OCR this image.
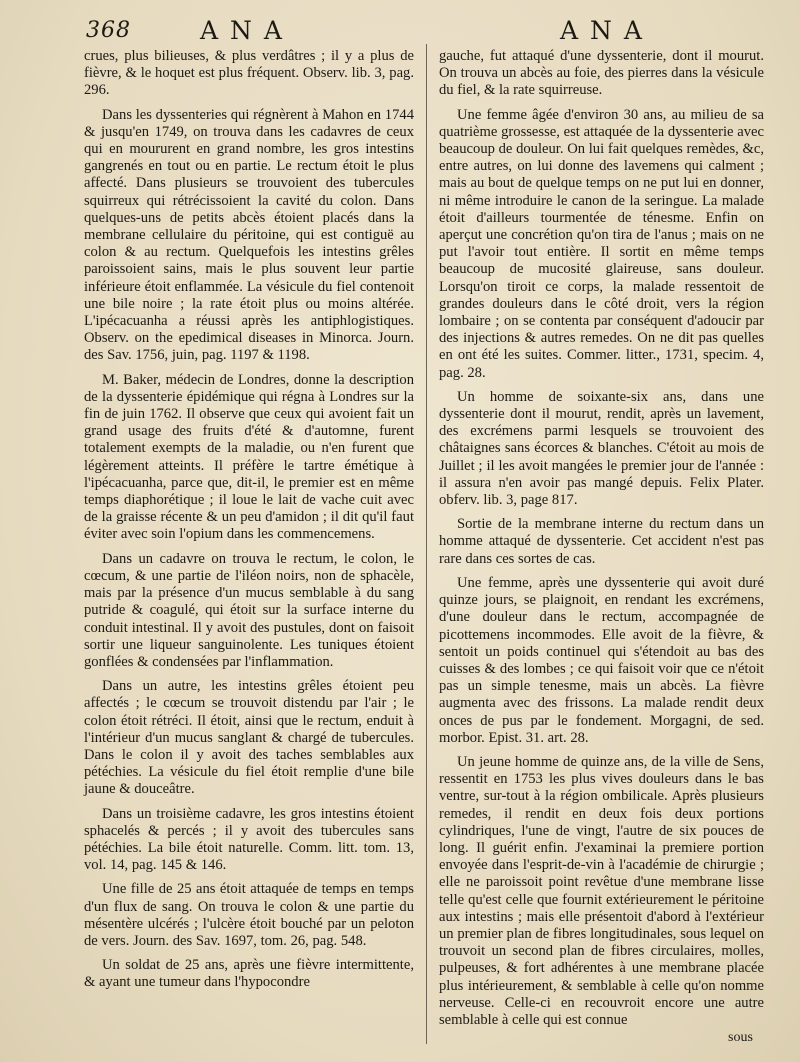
368	ANA	ANA

crues, plus bilieuses, & plus verdâtres ; il y a plus de fièvre, & le hoquet est plus fréquent. Observ. lib. 3, pag. 296.

Dans les dyssenteries qui régnèrent à Mahon en 1744 & jusqu'en 1749, on trouva dans les cadavres de ceux qui en moururent en grand nombre, les gros intestins gangrenés en tout ou en partie. Le rectum étoit le plus affecté. Dans plusieurs se trouvoient des tubercules squirreux qui rétrécissoient la cavité du colon. Dans quelques-uns de petits abcès étoient placés dans la membrane cellulaire du péritoine, qui est contiguë au colon & au rectum. Quelquefois les intestins grêles paroissoient sains, mais le plus souvent leur partie inférieure étoit enflammée. La vésicule du fiel contenoit une bile noire ; la rate étoit plus ou moins altérée. L'ipécacuanha a réussi après les antiphlogistiques. Observ. on the epedimical diseases in Minorca. Journ. des Sav. 1756, juin, pag. 1197 & 1198.

M. Baker, médecin de Londres, donne la description de la dyssenterie épidémique qui régna à Londres sur la fin de juin 1762. Il observe que ceux qui avoient fait un grand usage des fruits d'été & d'automne, furent totalement exempts de la maladie, ou n'en furent que légèrement atteints. Il préfère le tartre émétique à l'ipécacuanha, parce que, dit-il, le premier est en même temps diaphorétique ; il loue le lait de vache cuit avec de la graisse récente & un peu d'amidon ; il dit qu'il faut éviter avec soin l'opium dans les commencemens.

Dans un cadavre on trouva le rectum, le colon, le cœcum, & une partie de l'iléon noirs, non de sphacèle, mais par la présence d'un mucus semblable à du sang putride & coagulé, qui étoit sur la surface interne du conduit intestinal. Il y avoit des pustules, dont on faisoit sortir une liqueur sanguinolente. Les tuniques étoient gonflées & condensées par l'inflammation.

Dans un autre, les intestins grêles étoient peu affectés ; le cœcum se trouvoit distendu par l'air ; le colon étoit rétréci. Il étoit, ainsi que le rectum, enduit à l'intérieur d'un mucus sanglant & chargé de tubercules. Dans le colon il y avoit des taches semblables aux pétéchies. La vésicule du fiel étoit remplie d'une bile jaune & douceâtre.

Dans un troisième cadavre, les gros intestins étoient sphacelés & percés ; il y avoit des tubercules sans pétéchies. La bile étoit naturelle. Comm. litt. tom. 13, vol. 14, pag. 145 & 146.

Une fille de 25 ans étoit attaquée de temps en temps d'un flux de sang. On trouva le colon & une partie du mésentère ulcérés ; l'ulcère étoit bouché par un peloton de vers. Journ. des Sav. 1697, tom. 26, pag. 548.

Un soldat de 25 ans, après une fièvre intermittente, & ayant une tumeur dans l'hypocondre

gauche, fut attaqué d'une dyssenterie, dont il mourut. On trouva un abcès au foie, des pierres dans la vésicule du fiel, & la rate squirreuse.

Une femme âgée d'environ 30 ans, au milieu de sa quatrième grossesse, est attaquée de la dyssenterie avec beaucoup de douleur. On lui fait quelques remèdes, &c, entre autres, on lui donne des lavemens qui calment ; mais au bout de quelque temps on ne put lui en donner, ni même introduire le canon de la seringue. La malade étoit d'ailleurs tourmentée de ténesme. Enfin on aperçut une concrétion qu'on tira de l'anus ; mais on ne put l'avoir tout entière. Il sortit en même temps beaucoup de mucosité glaireuse, sans douleur. Lorsqu'on tiroit ce corps, la malade ressentoit de grandes douleurs dans le côté droit, vers la région lombaire ; on se contenta par conséquent d'adoucir par des injections & autres remedes. On ne dit pas quelles en ont été les suites. Commer. litter., 1731, specim. 4, pag. 28.

Un homme de soixante-six ans, dans une dyssenterie dont il mourut, rendit, après un lavement, des excrémens parmi lesquels se trouvoient des châtaignes sans écorces & blanches. C'étoit au mois de Juillet ; il les avoit mangées le premier jour de l'année : il assura n'en avoir pas mangé depuis. Felix Plater. obferv. lib. 3, page 817.

Sortie de la membrane interne du rectum dans un homme attaqué de dyssenterie. Cet accident n'est pas rare dans ces sortes de cas.

Une femme, après une dyssenterie qui avoit duré quinze jours, se plaignoit, en rendant les excrémens, d'une douleur dans le rectum, accompagnée de picottemens incommodes. Elle avoit de la fièvre, & sentoit un poids continuel qui s'étendoit au bas des cuisses & des lombes ; ce qui faisoit voir que ce n'étoit pas un simple tenesme, mais un abcès. La fièvre augmenta avec des frissons. La malade rendit deux onces de pus par le fondement. Morgagni, de sed. morbor. Epist. 31. art. 28.

Un jeune homme de quinze ans, de la ville de Sens, ressentit en 1753 les plus vives douleurs dans le bas ventre, sur-tout à la région ombilicale. Après plusieurs remedes, il rendit en deux fois deux portions cylindriques, l'une de vingt, l'autre de six pouces de long. Il guérit enfin. J'examinai la premiere portion envoyée dans l'esprit-de-vin à l'académie de chirurgie ; elle ne paroissoit point revêtue d'une membrane lisse telle qu'est celle que fournit extérieurement le péritoine aux intestins ; mais elle présentoit d'abord à l'extérieur un premier plan de fibres longitudinales, sous lequel on trouvoit un second plan de fibres circulaires, molles, pulpeuses, & fort adhérentes à une membrane placée plus intérieurement, & semblable à celle qu'on nomme nerveuse. Celle-ci en recouvroit encore une autre semblable à celle qui est connue

sous
